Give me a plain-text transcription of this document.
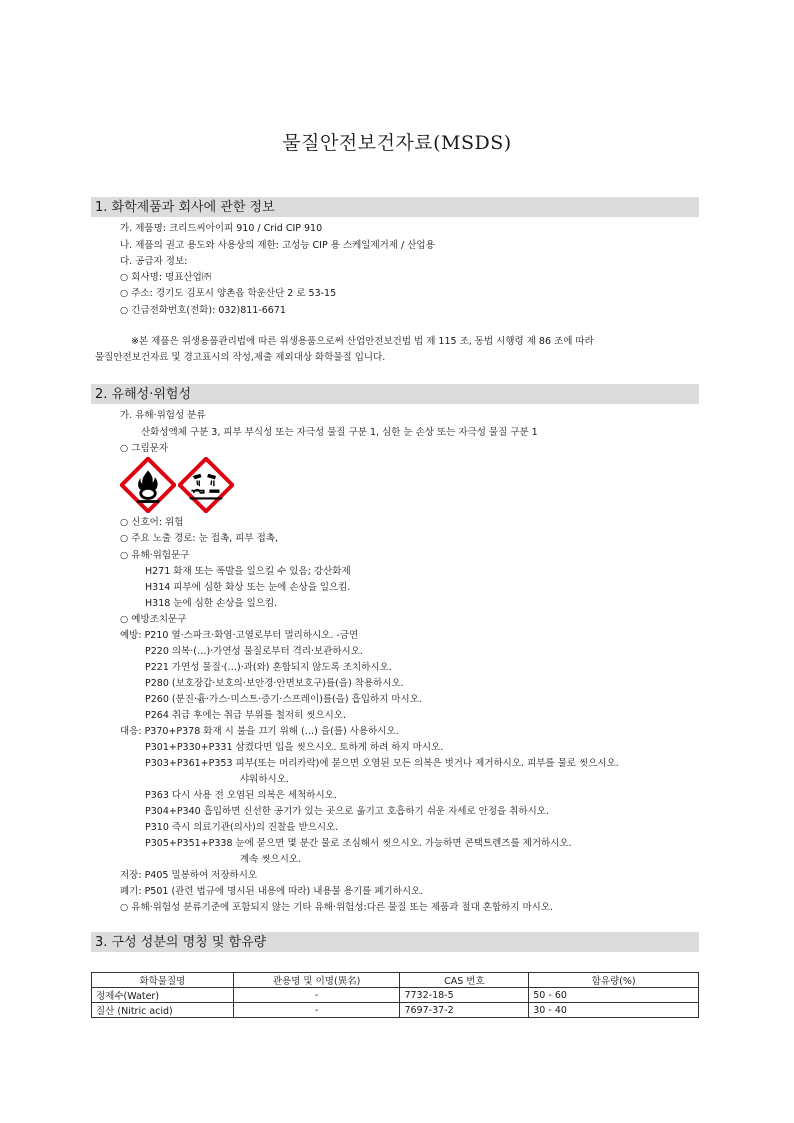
물질안전보건자료(MSDS)
1. 화학제품과 회사에 관한 정보
가. 제품명: 크리드씨아이피 910 / Crid CIP 910
나. 제품의 권고 용도와 사용상의 제한: 고성능 CIP 용 스케일제거제 / 산업용
다. 공급자 정보:
○ 회사명: 명표산업㈜
○ 주소: 경기도 김포시 양촌읍 학운산단 2 로 53-15
○ 긴급전화번호(전화): 032)811-6671
※본 제품은 위생용품관리법에 따른 위생용품으로써 산업안전보건법 법 제 115 조, 동법 시행령 제 86 조에 따라
물질안전보건자료 및 경고표시의 작성,제출 제외대상 화학물질 입니다.
2. 유해성·위험성
가. 유해·위험성 분류
산화성액체 구분 3, 피부 부식성 또는 자극성 물질 구분 1, 심한 눈 손상 또는 자극성 물질 구분 1
○ 그림문자
○ 신호어: 위험
○ 주요 노출 경로: 눈 접촉, 피부 접촉,
○ 유해·위험문구
H271 화재 또는 폭발을 일으킬 수 있음; 강산화제
H314 피부에 심한 화상 또는 눈에 손상을 일으킴.
H318 눈에 심한 손상을 일으킴.
○ 예방조치문구
예방: P210 열·스파크·화염·고열로부터 멀리하시오. -금연
P220 의복·(…)·가연성 물질로부터 격리·보관하시오.
P221 가연성 물질·(…)·과(와) 혼합되지 않도록 조치하시오.
P280 (보호장갑·보호의·보안경·안면보호구)를(을) 착용하시오.
P260 (분진·흄·가스·미스트·증기·스프레이)를(을) 흡입하지 마시오.
P264 취급 후에는 취급 부위를 철저히 씻으시오.
대응: P370+P378 화재 시 불을 끄기 위해 (…) 을(를) 사용하시오.
P301+P330+P331 삼켰다면 입을 씻으시오. 토하게 하려 하지 마시오.
P303+P361+P353 피부(또는 머리카락)에 묻으면 오염된 모든 의복은 벗거나 제거하시오. 피부를 물로 씻으시오.
샤워하시오.
P363 다시 사용 전 오염된 의복은 세척하시오.
P304+P340 흡입하면 신선한 공기가 있는 곳으로 옮기고 호흡하기 쉬운 자세로 안정을 취하시오.
P310 즉시 의료기관(의사)의 진찰을 받으시오.
P305+P351+P338 눈에 묻으면 몇 분간 물로 조심해서 씻으시오. 가능하면 콘택트렌즈를 제거하시오.
계속 씻으시오.
저장: P405 밀봉하여 저장하시오
폐기: P501 (관련 법규에 명시된 내용에 따라) 내용물 용기를 폐기하시오.
○ 유해·위험성 분류기준에 포함되지 않는 기타 유해·위험성:다른 물질 또는 제품과 절대 혼합하지 마시오.
3. 구성 성분의 명칭 및 함유량
화학물질명	관용명 및 이명(異名)	CAS 번호	함유량(%)
정제수(Water)	-	7732-18-5	50 - 60
질산 (Nitric acid)	-	7697-37-2	30 - 40
